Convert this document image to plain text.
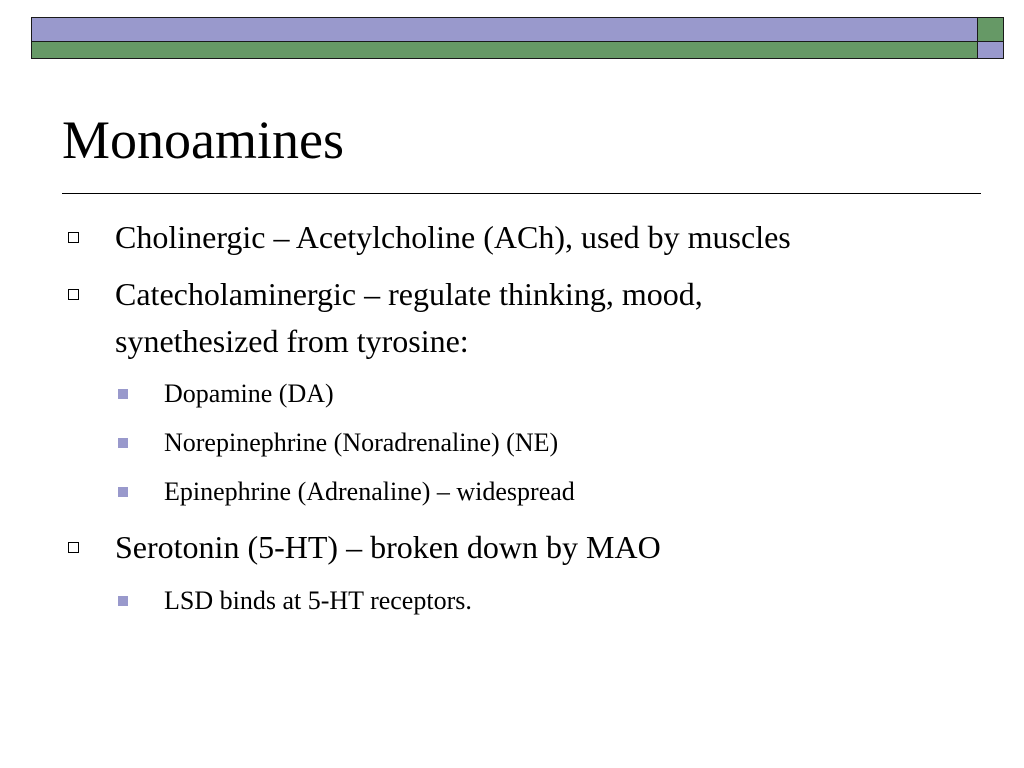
Monoamines
Cholinergic – Acetylcholine (ACh), used by muscles
Catecholaminergic – regulate thinking, mood,
synethesized from tyrosine:
Dopamine (DA)
Norepinephrine (Noradrenaline) (NE)
Epinephrine (Adrenaline) – widespread
Serotonin (5-HT) – broken down by MAO
LSD binds at 5-HT receptors.
